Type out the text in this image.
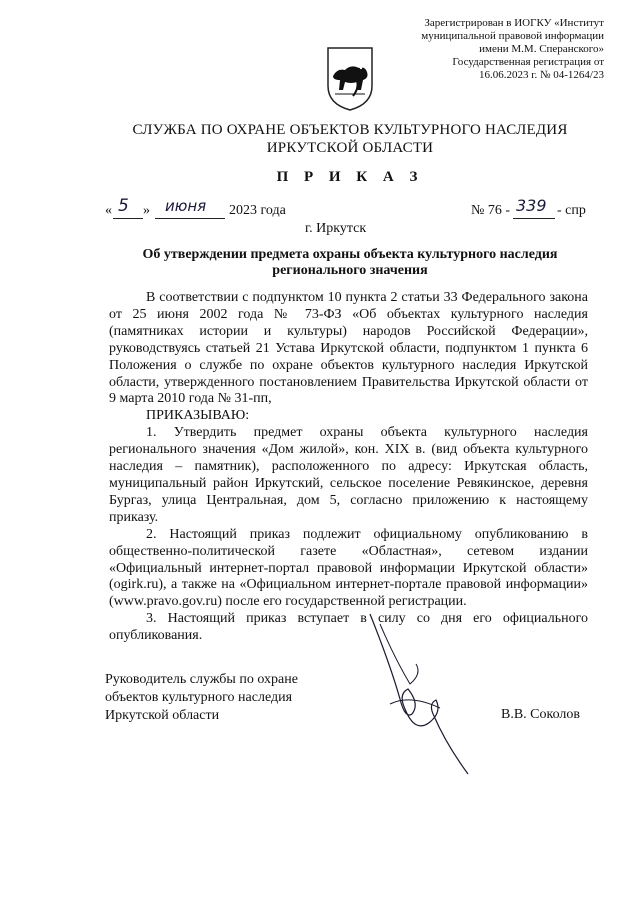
Зарегистрирован в ИОГКУ «Институт
муниципальной правовой информации
имени М.М. Сперанского»
Государственная регистрация от
16.06.2023 г. № 04-1264/23
СЛУЖБА ПО ОХРАНЕ ОБЪЕКТОВ КУЛЬТУРНОГО НАСЛЕДИЯ
ИРКУТСКОЙ ОБЛАСТИ
П Р И К А З
« 5 » июня 2023 года	№ 76 - 339 - спр
г. Иркутск
Об утверждении предмета охраны объекта культурного наследия
регионального значения

В соответствии с подпунктом 10 пункта 2 статьи 33 Федерального закона от 25 июня 2002 года № 73-ФЗ «Об объектах культурного наследия (памятниках истории и культуры) народов Российской Федерации», руководствуясь статьей 21 Устава Иркутской области, подпунктом 1 пункта 6 Положения о службе по охране объектов культурного наследия Иркутской области, утвержденного постановлением Правительства Иркутской области от 9 марта 2010 года № 31-пп,

ПРИКАЗЫВАЮ:

1. Утвердить предмет охраны объекта культурного наследия регионального значения «Дом жилой», кон. XIX в. (вид объекта культурного наследия – памятник), расположенного по адресу: Иркутская область, муниципальный район Иркутский, сельское поселение Ревякинское, деревня Бургаз, улица Центральная, дом 5, согласно приложению к настоящему приказу.

2. Настоящий приказ подлежит официальному опубликованию в общественно-политической газете «Областная», сетевом издании «Официальный интернет-портал правовой информации Иркутской области» (ogirk.ru), а также на «Официальном интернет-портале правовой информации» (www.pravo.gov.ru) после его государственной регистрации.

3. Настоящий приказ вступает в силу со дня его официального опубликования.

Руководитель службы по охране
объектов культурного наследия
Иркутской области	В.В. Соколов
